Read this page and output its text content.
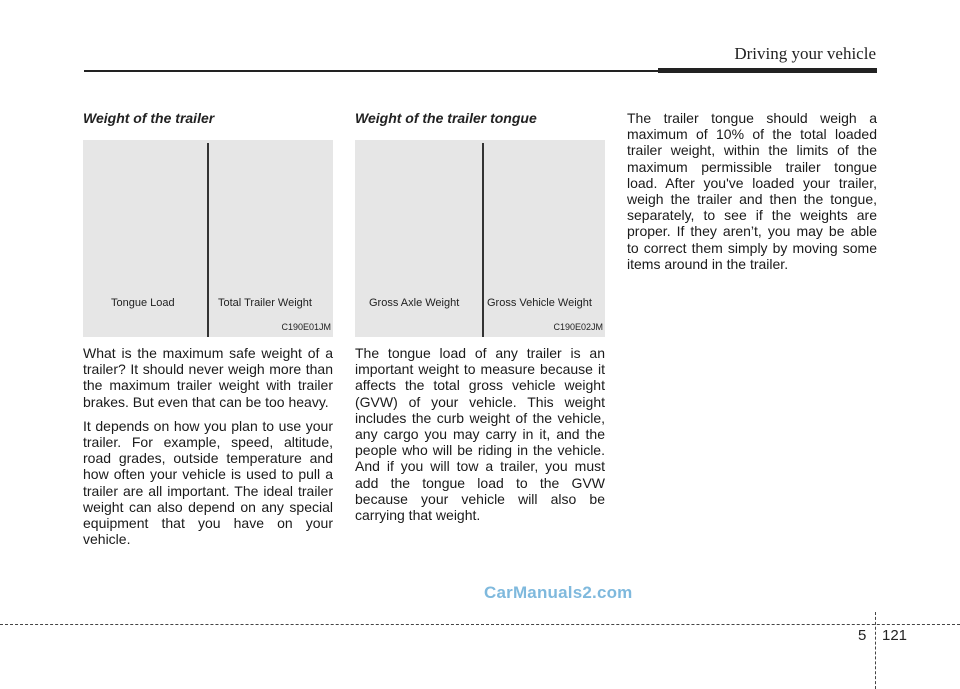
Driving your vehicle
Weight of the trailer
Tongue Load	Total Trailer Weight
C190E01JM

What is the maximum safe weight of a trailer? It should never weigh more than the maximum trailer weight with trailer brakes. But even that can be too heavy.

It depends on how you plan to use your trailer. For example, speed, altitude, road grades, outside temperature and how often your vehicle is used to pull a trailer are all important. The ideal trailer weight can also depend on any special equipment that you have on your vehicle.

Weight of the trailer tongue
Gross Axle Weight	Gross Vehicle Weight
C190E02JM

The tongue load of any trailer is an important weight to measure because it affects the total gross vehicle weight (GVW) of your vehicle. This weight includes the curb weight of the vehicle, any cargo you may carry in it, and the people who will be riding in the vehicle. And if you will tow a trailer, you must add the tongue load to the GVW because your vehicle will also be carrying that weight.

The trailer tongue should weigh a maximum of 10% of the total loaded trailer weight, within the limits of the maximum permissible trailer tongue load. After you've loaded your trailer, weigh the trailer and then the tongue, separately, to see if the weights are proper. If they aren’t, you may be able to correct them simply by moving some items around in the trailer.

CarManuals2.com
5 121
